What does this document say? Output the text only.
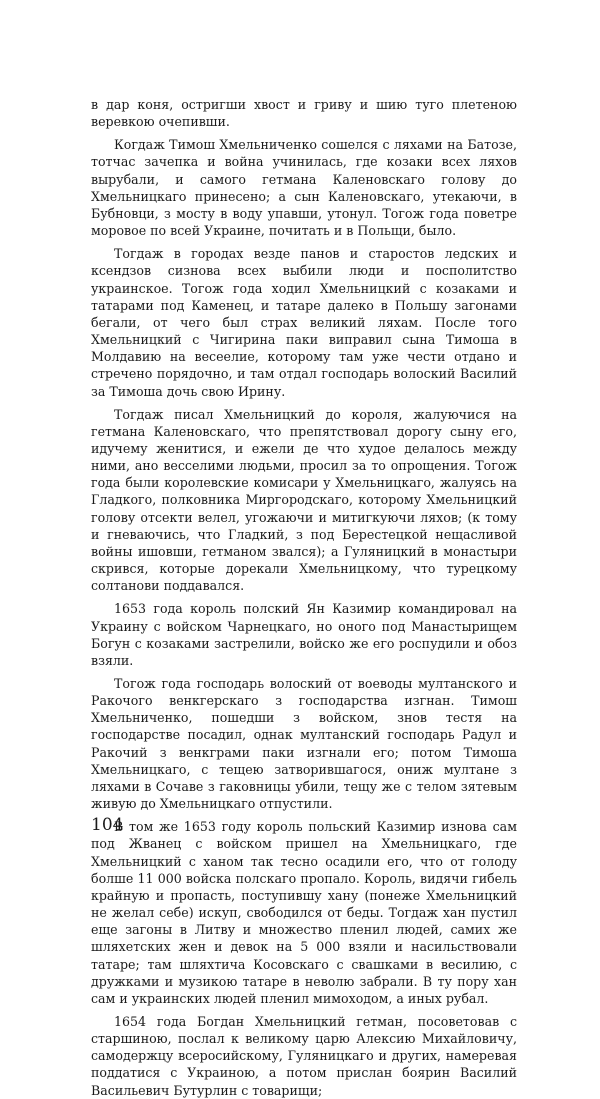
в дар коня, остригши хвост и гриву и шию туго плетеною веревкою очепивши.

Когдаж Тимош Хмельниченко сошелся с ляхами на Батозе, тотчас зачепка и война учинилась, где козаки всех ляхов вырубали, и самого гетмана Каленовскаго голову до Хмельницкаго принесено; а сын Каленовскаго, утекаючи, в Бубновци, з мосту в воду упавши, утонул. Тогож года поветре моровое по всей Украине, почитать и в Польщи, было.

Тогдаж в городах везде панов и старостов ледских и ксендзов сизнова всех выбили люди и посполитство украинское. Тогож года ходил Хмельницкий с козаками и татарами под Каменец, и татаре далеко в Польшу загонами бегали, от чего был страх великий ляхам. После того Хмельницкий с Чигирина паки виправил сына Тимоша в Молдавию на весеелие, которому там уже чести отдано и стречено порядочно, и там отдал господарь волоский Василий за Тимоша дочь свою Ирину.

Тогдаж писал Хмельницкий до короля, жалуючися на гетмана Каленовскаго, что препятствовал дорогу сыну его, идучему женитися, и ежели де что худое делалось между ними, ано весселими людьми, просил за то опрощения. Тогож года были королевские комисари у Хмельницкаго, жалуясь на Гладкого, полковника Миргородскаго, которому Хмельницкий голову отсекти велел, угожаючи и митигкуючи ляхов; (к тому и гневаючись, что Гладкий, з под Берестецкой нещасливой войны ишовши, гетманом звался); а Гуляницкий в монастыри скрився, которые дорекали Хмельницкому, что турецкому солтанови поддавался.

1653 года король полский Ян Казимир командировал на Украину с войском Чарнецкаго, но оного под Манастырищем Богун с козаками застрелили, войско же его роспудили и обоз взяли.

Тогож года господарь волоский от воеводы мултанского и Ракочого венкгерскаго з господарства изгнан. Тимош Хмельниченко, пошедши з войском, знов тестя на господарстве посадил, однак мултанский господарь Радул и Ракочий з венкграми паки изгнали его; потом Тимоша Хмельницкаго, с тещею затворившагося, ониж мултане з ляхами в Сочаве з гаковницы убили, тещу же с телом зятевым живую до Хмельницкаго отпустили.

В том же 1653 году король польский Казимир изнова сам под Жванец с войском пришел на Хмельницкаго, где Хмельницкий с ханом так тесно осадили его, что от голоду болше 11 000 войска полскаго пропало. Король, видячи гибель крайную и пропасть, поступившу хану (понеже Хмельницкий не желал себе) искуп, свободился от беды. Тогдаж хан пустил еще загоны в Литву и множество пленил людей, самих же шляхетских жен и девок на 5 000 взяли и насильствовали татаре; там шляхтича Косовскаго с свашками в весилию, с дружками и музикою татаре в неволю забрали. В ту пору хан сам и украинских людей пленил мимоходом, а иных рубал.

1654 года Богдан Хмельницкий гетман, посоветовав с старшиною, послал к великому царю Алексию Михайловичу, самодержцу всеросийскому, Гуляницкаго и других, намеревая поддатися с Украиною, а потом прислан боярин Василий Васильевич Бутурлин с товарищи;

104
